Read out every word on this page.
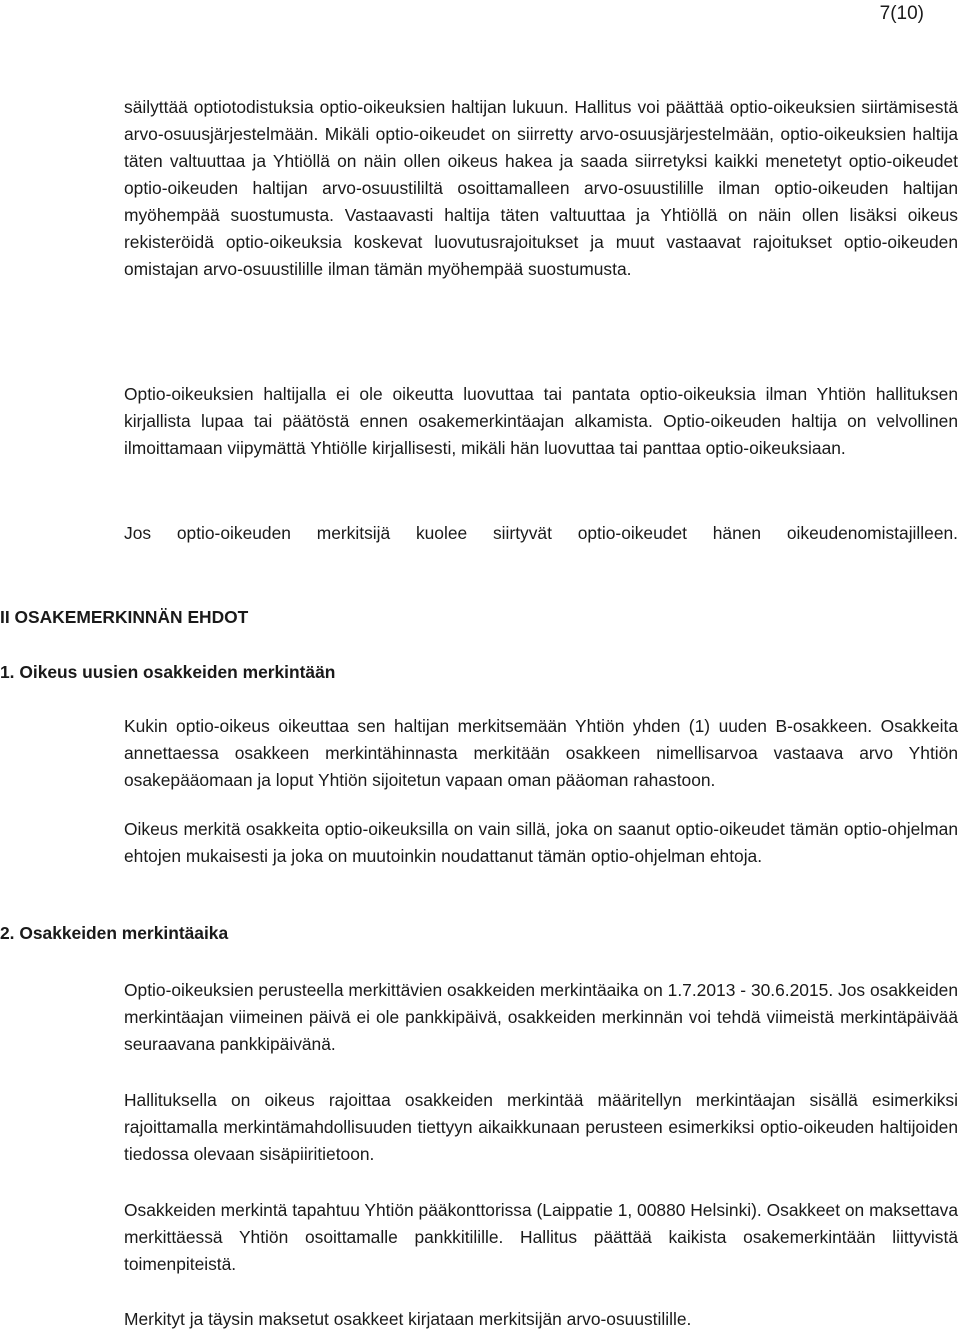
7(10)

säilyttää optiotodistuksia optio-oikeuksien haltijan lukuun. Hallitus voi päättää optio-oikeuksien siirtämisestä arvo-osuusjärjestelmään. Mikäli optio-oikeudet on siirretty arvo-osuusjärjestelmään, optio-oikeuksien haltija täten valtuuttaa ja Yhtiöllä on näin ollen oikeus hakea ja saada siirretyksi kaikki menetetyt optio-oikeudet optio-oikeuden haltijan arvo-osuustililtä osoittamalleen arvo-osuustilille ilman optio-oikeuden haltijan myöhempää suostumusta. Vastaavasti haltija täten valtuuttaa ja Yhtiöllä on näin ollen lisäksi oikeus rekisteröidä optio-oikeuksia koskevat luovutusrajoitukset ja muut vastaavat rajoitukset optio-oikeuden omistajan arvo-osuustilille ilman tämän myöhempää suostumusta.

Optio-oikeuksien haltijalla ei ole oikeutta luovuttaa tai pantata optio-oikeuksia ilman Yhtiön hallituksen kirjallista lupaa tai päätöstä ennen osakemerkintäajan alkamista. Optio-oikeuden haltija on velvollinen ilmoittamaan viipymättä Yhtiölle kirjallisesti, mikäli hän luovuttaa tai panttaa optio-oikeuksiaan.

Jos optio-oikeuden merkitsijä kuolee siirtyvät optio-oikeudet hänen oikeudenomistajilleen.

II OSAKEMERKINNÄN EHDOT
1. Oikeus uusien osakkeiden merkintään

Kukin optio-oikeus oikeuttaa sen haltijan merkitsemään Yhtiön yhden (1) uuden B-osakkeen. Osakkeita annettaessa osakkeen merkintähinnasta merkitään osakkeen nimellisarvoa vastaava arvo Yhtiön osakepääomaan ja loput Yhtiön sijoitetun vapaan oman pääoman rahastoon.

Oikeus merkitä osakkeita optio-oikeuksilla on vain sillä, joka on saanut optio-oikeudet tämän optio-ohjelman ehtojen mukaisesti ja joka on muutoinkin noudattanut tämän optio-ohjelman ehtoja.

2. Osakkeiden merkintäaika

Optio-oikeuksien perusteella merkittävien osakkeiden merkintäaika on 1.7.2013 - 30.6.2015. Jos osakkeiden merkintäajan viimeinen päivä ei ole pankkipäivä, osakkeiden merkinnän voi tehdä viimeistä merkintäpäivää seuraavana pankkipäivänä.

Hallituksella on oikeus rajoittaa osakkeiden merkintää määritellyn merkintäajan sisällä esimerkiksi rajoittamalla merkintämahdollisuuden tiettyyn aikaikkunaan perusteen esimerkiksi optio-oikeuden haltijoiden tiedossa olevaan sisäpiiritietoon.

Osakkeiden merkintä tapahtuu Yhtiön pääkonttorissa (Laippatie 1, 00880 Helsinki). Osakkeet on maksettava merkittäessä Yhtiön osoittamalle pankkitilille. Hallitus päättää kaikista osakemerkintään liittyvistä toimenpiteistä.

Merkityt ja täysin maksetut osakkeet kirjataan merkitsijän arvo-osuustilille.
